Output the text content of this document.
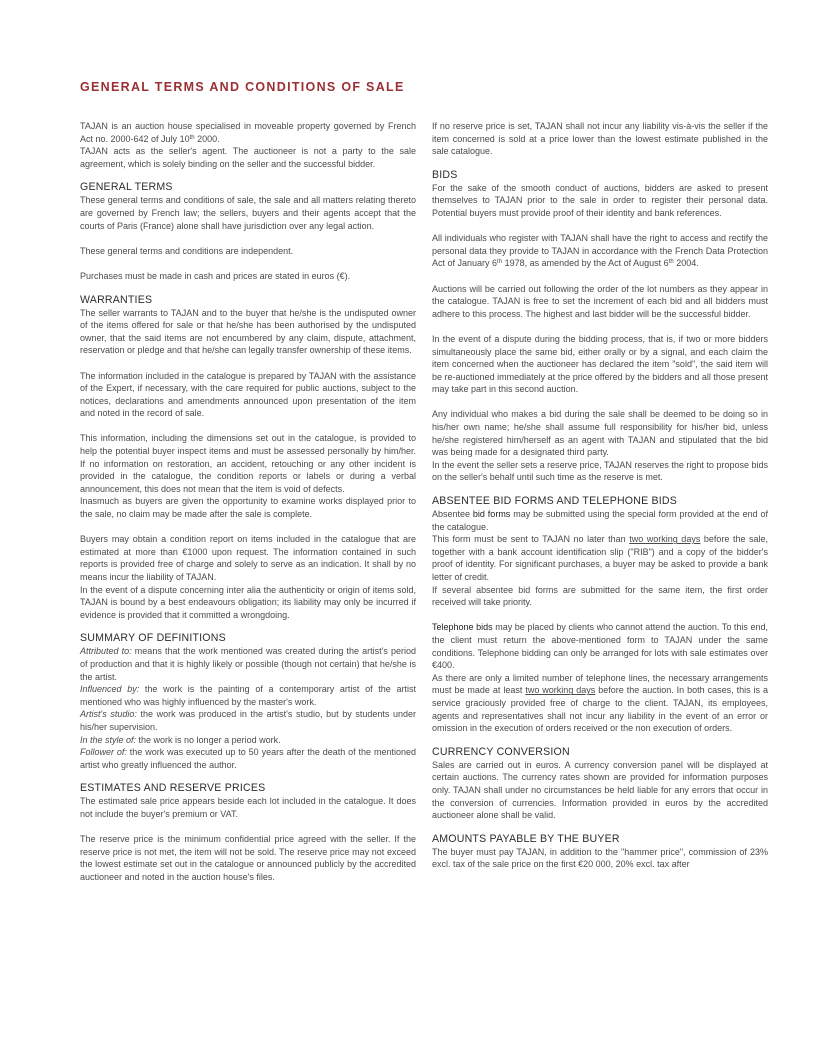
GENERAL TERMS AND CONDITIONS OF SALE

TAJAN is an auction house specialised in moveable property governed by French Act no. 2000-642 of July 10th 2000.

TAJAN acts as the seller's agent. The auctioneer is not a party to the sale agreement, which is solely binding on the seller and the successful bidder.

GENERAL TERMS

These general terms and conditions of sale, the sale and all matters relating thereto are governed by French law; the sellers, buyers and their agents accept that the courts of Paris (France) alone shall have jurisdiction over any legal action.

These general terms and conditions are independent.

Purchases must be made in cash and prices are stated in euros (€).

WARRANTIES

The seller warrants to TAJAN and to the buyer that he/she is the undisputed owner of the items offered for sale or that he/she has been authorised by the undisputed owner, that the said items are not encumbered by any claim, dispute, attachment, reservation or pledge and that he/she can legally transfer ownership of these items.

The information included in the catalogue is prepared by TAJAN with the assistance of the Expert, if necessary, with the care required for public auctions, subject to the notices, declarations and amendments announced upon presentation of the item and noted in the record of sale.

This information, including the dimensions set out in the catalogue, is provided to help the potential buyer inspect items and must be assessed personally by him/her. If no information on restoration, an accident, retouching or any other incident is provided in the catalogue, the condition reports or labels or during a verbal announcement, this does not mean that the item is void of defects.

Inasmuch as buyers are given the opportunity to examine works displayed prior to the sale, no claim may be made after the sale is complete.

Buyers may obtain a condition report on items included in the catalogue that are estimated at more than €1000 upon request. The information contained in such reports is provided free of charge and solely to serve as an indication. It shall by no means incur the liability of TAJAN.

In the event of a dispute concerning inter alia the authenticity or origin of items sold, TAJAN is bound by a best endeavours obligation; its liability may only be incurred if evidence is provided that it committed a wrongdoing.

SUMMARY OF DEFINITIONS

Attributed to: means that the work mentioned was created during the artist's period of production and that it is highly likely or possible (though not certain) that he/she is the artist.

Influenced by: the work is the painting of a contemporary artist of the artist mentioned who was highly influenced by the master's work.

Artist's studio: the work was produced in the artist's studio, but by students under his/her supervision.

In the style of: the work is no longer a period work.

Follower of: the work was executed up to 50 years after the death of the mentioned artist who greatly influenced the author.

ESTIMATES AND RESERVE PRICES

The estimated sale price appears beside each lot included in the catalogue. It does not include the buyer's premium or VAT.

The reserve price is the minimum confidential price agreed with the seller. If the reserve price is not met, the item will not be sold. The reserve price may not exceed the lowest estimate set out in the catalogue or announced publicly by the accredited auctioneer and noted in the auction house's files.

If no reserve price is set, TAJAN shall not incur any liability vis-à-vis the seller if the item concerned is sold at a price lower than the lowest estimate published in the sale catalogue.

BIDS

For the sake of the smooth conduct of auctions, bidders are asked to present themselves to TAJAN prior to the sale in order to register their personal data. Potential buyers must provide proof of their identity and bank references.

All individuals who register with TAJAN shall have the right to access and rectify the personal data they provide to TAJAN in accordance with the French Data Protection Act of January 6th 1978, as amended by the Act of August 6th 2004.

Auctions will be carried out following the order of the lot numbers as they appear in the catalogue. TAJAN is free to set the increment of each bid and all bidders must adhere to this process. The highest and last bidder will be the successful bidder.

In the event of a dispute during the bidding process, that is, if two or more bidders simultaneously place the same bid, either orally or by a signal, and each claim the item concerned when the auctioneer has declared the item "sold", the said item will be re-auctioned immediately at the price offered by the bidders and all those present may take part in this second auction.

Any individual who makes a bid during the sale shall be deemed to be doing so in his/her own name; he/she shall assume full responsibility for his/her bid, unless he/she registered him/herself as an agent with TAJAN and stipulated that the bid was being made for a designated third party.

In the event the seller sets a reserve price, TAJAN reserves the right to propose bids on the seller's behalf until such time as the reserve is met.

ABSENTEE BID FORMS AND TELEPHONE BIDS

Absentee bid forms may be submitted using the special form provided at the end of the catalogue.

This form must be sent to TAJAN no later than two working days before the sale, together with a bank account identification slip ("RIB") and a copy of the bidder's proof of identity. For significant purchases, a buyer may be asked to provide a bank letter of credit.

If several absentee bid forms are submitted for the same item, the first order received will take priority.

Telephone bids may be placed by clients who cannot attend the auction. To this end, the client must return the above-mentioned form to TAJAN under the same conditions. Telephone bidding can only be arranged for lots with sale estimates over €400.

As there are only a limited number of telephone lines, the necessary arrangements must be made at least two working days before the auction. In both cases, this is a service graciously provided free of charge to the client. TAJAN, its employees, agents and representatives shall not incur any liability in the event of an error or omission in the execution of orders received or the non execution of orders.

CURRENCY CONVERSION

Sales are carried out in euros. A currency conversion panel will be displayed at certain auctions. The currency rates shown are provided for information purposes only. TAJAN shall under no circumstances be held liable for any errors that occur in the conversion of currencies. Information provided in euros by the accredited auctioneer alone shall be valid.

AMOUNTS PAYABLE BY THE BUYER

The buyer must pay TAJAN, in addition to the "hammer price", commission of 23% excl. tax of the sale price on the first €20 000, 20% excl. tax after
